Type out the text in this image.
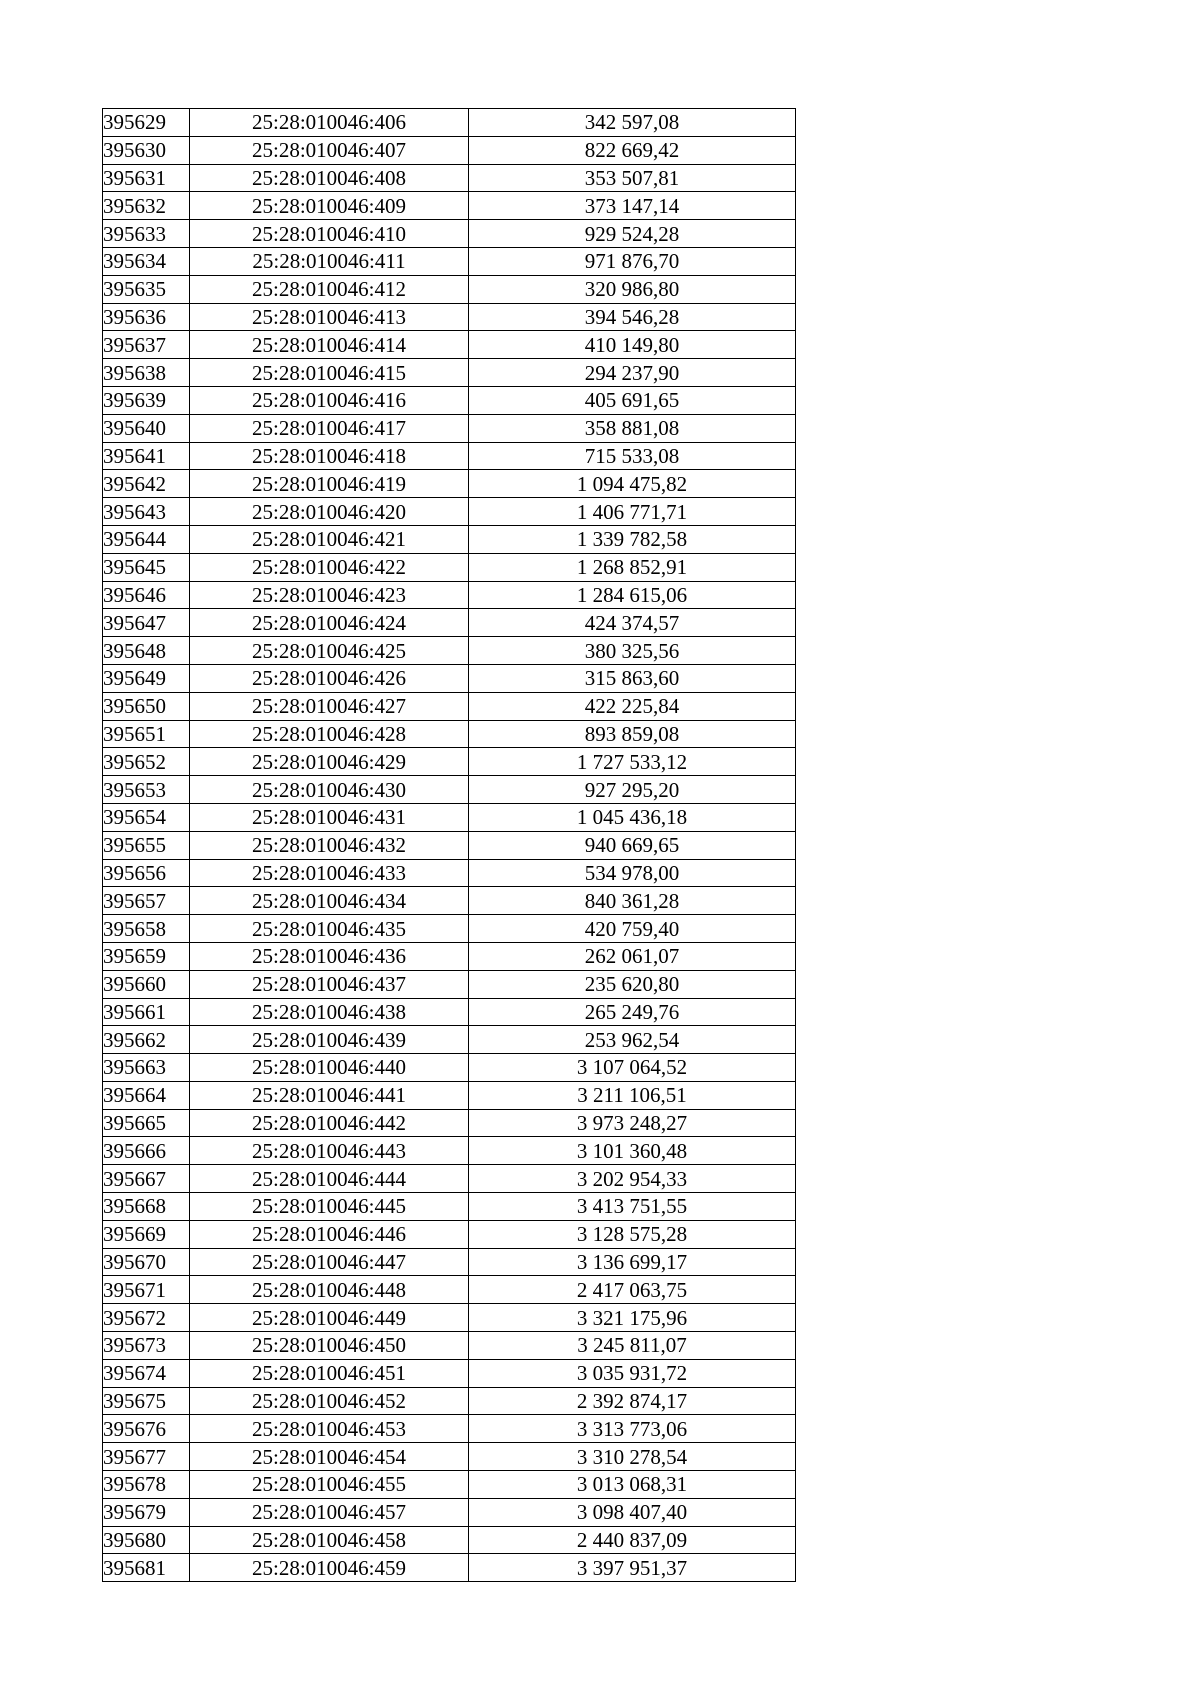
395629	25:28:010046:406	342 597,08
395630	25:28:010046:407	822 669,42
395631	25:28:010046:408	353 507,81
395632	25:28:010046:409	373 147,14
395633	25:28:010046:410	929 524,28
395634	25:28:010046:411	971 876,70
395635	25:28:010046:412	320 986,80
395636	25:28:010046:413	394 546,28
395637	25:28:010046:414	410 149,80
395638	25:28:010046:415	294 237,90
395639	25:28:010046:416	405 691,65
395640	25:28:010046:417	358 881,08
395641	25:28:010046:418	715 533,08
395642	25:28:010046:419	1 094 475,82
395643	25:28:010046:420	1 406 771,71
395644	25:28:010046:421	1 339 782,58
395645	25:28:010046:422	1 268 852,91
395646	25:28:010046:423	1 284 615,06
395647	25:28:010046:424	424 374,57
395648	25:28:010046:425	380 325,56
395649	25:28:010046:426	315 863,60
395650	25:28:010046:427	422 225,84
395651	25:28:010046:428	893 859,08
395652	25:28:010046:429	1 727 533,12
395653	25:28:010046:430	927 295,20
395654	25:28:010046:431	1 045 436,18
395655	25:28:010046:432	940 669,65
395656	25:28:010046:433	534 978,00
395657	25:28:010046:434	840 361,28
395658	25:28:010046:435	420 759,40
395659	25:28:010046:436	262 061,07
395660	25:28:010046:437	235 620,80
395661	25:28:010046:438	265 249,76
395662	25:28:010046:439	253 962,54
395663	25:28:010046:440	3 107 064,52
395664	25:28:010046:441	3 211 106,51
395665	25:28:010046:442	3 973 248,27
395666	25:28:010046:443	3 101 360,48
395667	25:28:010046:444	3 202 954,33
395668	25:28:010046:445	3 413 751,55
395669	25:28:010046:446	3 128 575,28
395670	25:28:010046:447	3 136 699,17
395671	25:28:010046:448	2 417 063,75
395672	25:28:010046:449	3 321 175,96
395673	25:28:010046:450	3 245 811,07
395674	25:28:010046:451	3 035 931,72
395675	25:28:010046:452	2 392 874,17
395676	25:28:010046:453	3 313 773,06
395677	25:28:010046:454	3 310 278,54
395678	25:28:010046:455	3 013 068,31
395679	25:28:010046:457	3 098 407,40
395680	25:28:010046:458	2 440 837,09
395681	25:28:010046:459	3 397 951,37
